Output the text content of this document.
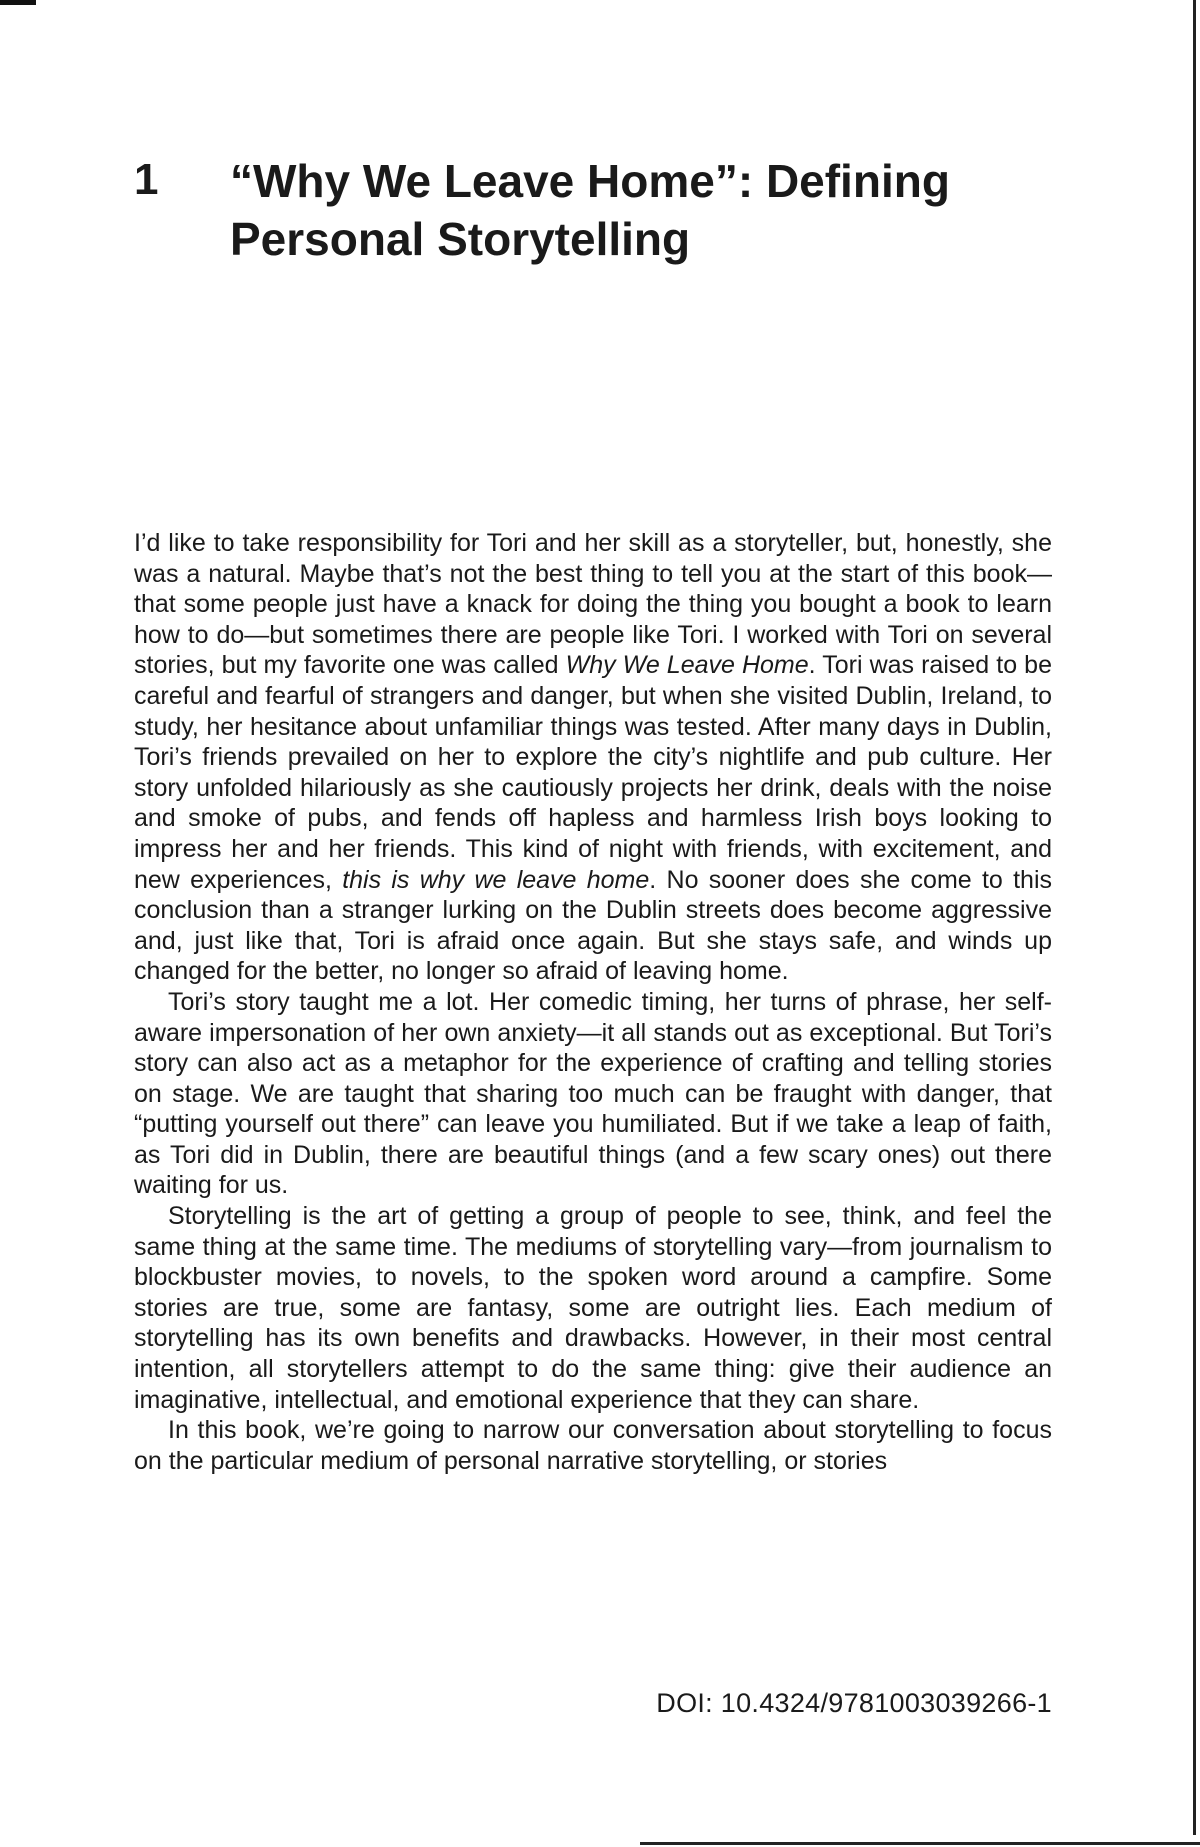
1 “Why We Leave Home”: Defining
Personal Storytelling

I’d like to take responsibility for Tori and her skill as a storyteller, but, honestly, she was a natural. Maybe that’s not the best thing to tell you at the start of this book—that some people just have a knack for doing the thing you bought a book to learn how to do—but sometimes there are people like Tori. I worked with Tori on several stories, but my favorite one was called Why We Leave Home. Tori was raised to be careful and fearful of strangers and danger, but when she visited Dublin, Ireland, to study, her hesitance about unfamiliar things was tested. After many days in Dublin, Tori’s friends prevailed on her to explore the city’s nightlife and pub culture. Her story unfolded hilariously as she cautiously projects her drink, deals with the noise and smoke of pubs, and fends off hapless and harmless Irish boys looking to impress her and her friends. This kind of night with friends, with excitement, and new experiences, this is why we leave home. No sooner does she come to this conclusion than a stranger lurking on the Dublin streets does become aggressive and, just like that, Tori is afraid once again. But she stays safe, and winds up changed for the better, no longer so afraid of leaving home.

Tori’s story taught me a lot. Her comedic timing, her turns of phrase, her self-aware impersonation of her own anxiety—it all stands out as exceptional. But Tori’s story can also act as a metaphor for the experience of crafting and telling stories on stage. We are taught that sharing too much can be fraught with danger, that “putting yourself out there” can leave you humiliated. But if we take a leap of faith, as Tori did in Dublin, there are beautiful things (and a few scary ones) out there waiting for us.

Storytelling is the art of getting a group of people to see, think, and feel the same thing at the same time. The mediums of storytelling vary—from journalism to blockbuster movies, to novels, to the spoken word around a campfire. Some stories are true, some are fantasy, some are outright lies. Each medium of storytelling has its own benefits and drawbacks. However, in their most central intention, all storytellers attempt to do the same thing: give their audience an imaginative, intellectual, and emotional experience that they can share.

In this book, we’re going to narrow our conversation about storytelling to focus on the particular medium of personal narrative storytelling, or stories

DOI: 10.4324/9781003039266-1
